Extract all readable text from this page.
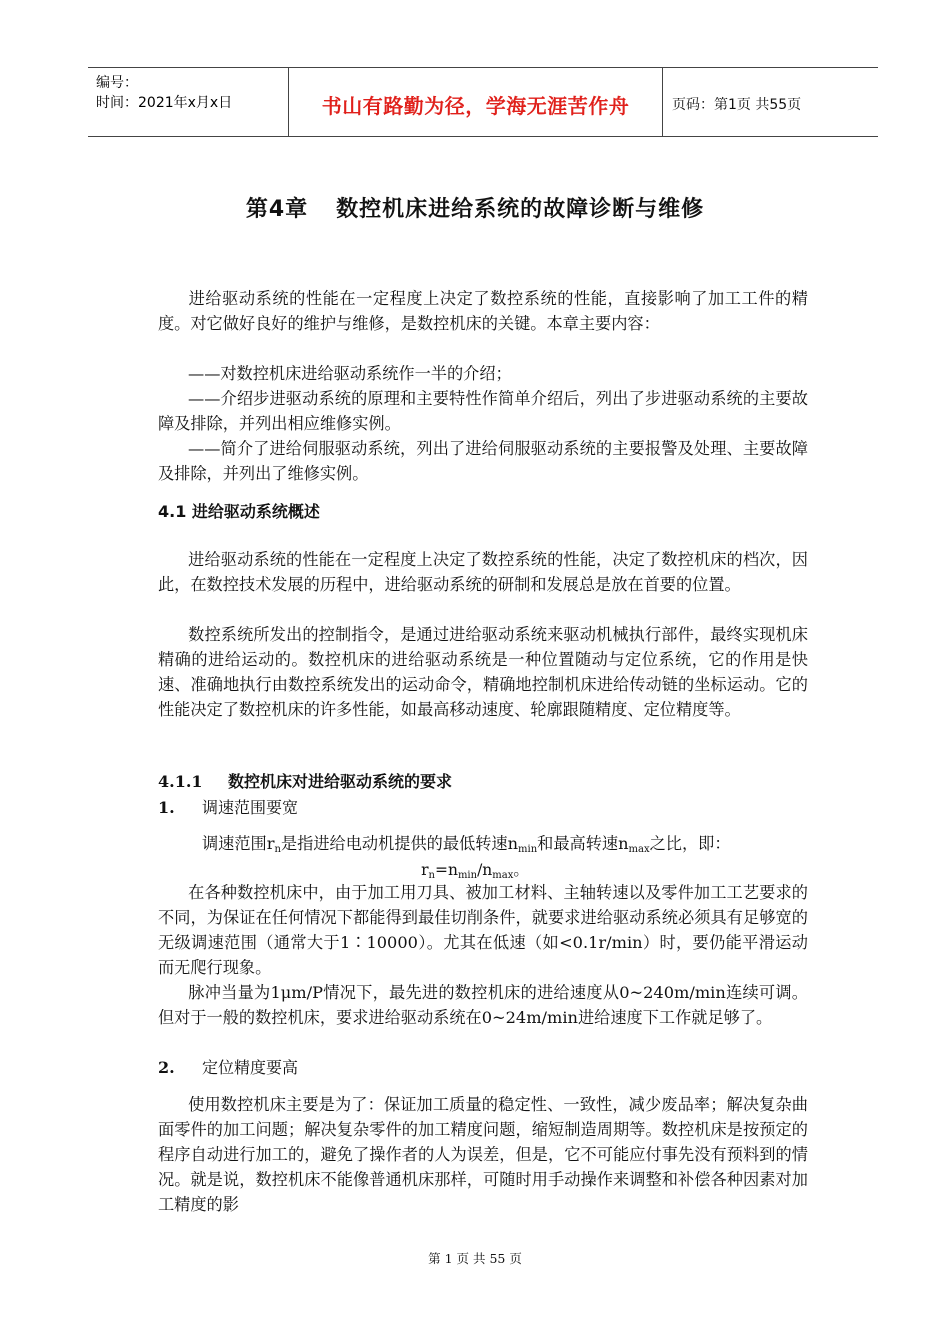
编号：
时间：2021年x月x日	书山有路勤为径，学海无涯苦作舟	页码：第1页 共55页
第4章 数控机床进给系统的故障诊断与维修
进给驱动系统的性能在一定程度上决定了数控系统的性能，直接影响了加工工件的精度。对它做好良好的维护与维修，是数控机床的关键。本章主要内容：
——对数控机床进给驱动系统作一半的介绍；
——介绍步进驱动系统的原理和主要特性作简单介绍后，列出了步进驱动系统的主要故障及排除，并列出相应维修实例。
——简介了进给伺服驱动系统，列出了进给伺服驱动系统的主要报警及处理、主要故障及排除，并列出了维修实例。
4.1 进给驱动系统概述
进给驱动系统的性能在一定程度上决定了数控系统的性能，决定了数控机床的档次，因此，在数控技术发展的历程中，进给驱动系统的研制和发展总是放在首要的位置。
数控系统所发出的控制指令，是通过进给驱动系统来驱动机械执行部件，最终实现机床精确的进给运动的。数控机床的进给驱动系统是一种位置随动与定位系统，它的作用是快速、准确地执行由数控系统发出的运动命令，精确地控制机床进给传动链的坐标运动。它的性能决定了数控机床的许多性能，如最高移动速度、轮廓跟随精度、定位精度等。
4.1.1 数控机床对进给驱动系统的要求
1. 调速范围要宽
调速范围$r_n$是指进给电动机提供的最低转速$n_{min}$和最高转速$n_{max}$之比，即：
$r_n=n_{min}/n_{max}$。
在各种数控机床中，由于加工用刀具、被加工材料、主轴转速以及零件加工工艺要求的不同，为保证在任何情况下都能得到最佳切削条件，就要求进给驱动系统必须具有足够宽的无级调速范围（通常大于1∶10000）。尤其在低速（如<0.1r/min）时，要仍能平滑运动而无爬行现象。
脉冲当量为1μm/P情况下，最先进的数控机床的进给速度从0~240m/min连续可调。但对于一般的数控机床，要求进给驱动系统在0~24m/min进给速度下工作就足够了。
2. 定位精度要高
使用数控机床主要是为了：保证加工质量的稳定性、一致性，减少废品率；解决复杂曲面零件的加工问题；解决复杂零件的加工精度问题，缩短制造周期等。数控机床是按预定的程序自动进行加工的，避免了操作者的人为误差，但是，它不可能应付事先没有预料到的情况。就是说，数控机床不能像普通机床那样，可随时用手动操作来调整和补偿各种因素对加工精度的影
第 1 页 共 55 页
